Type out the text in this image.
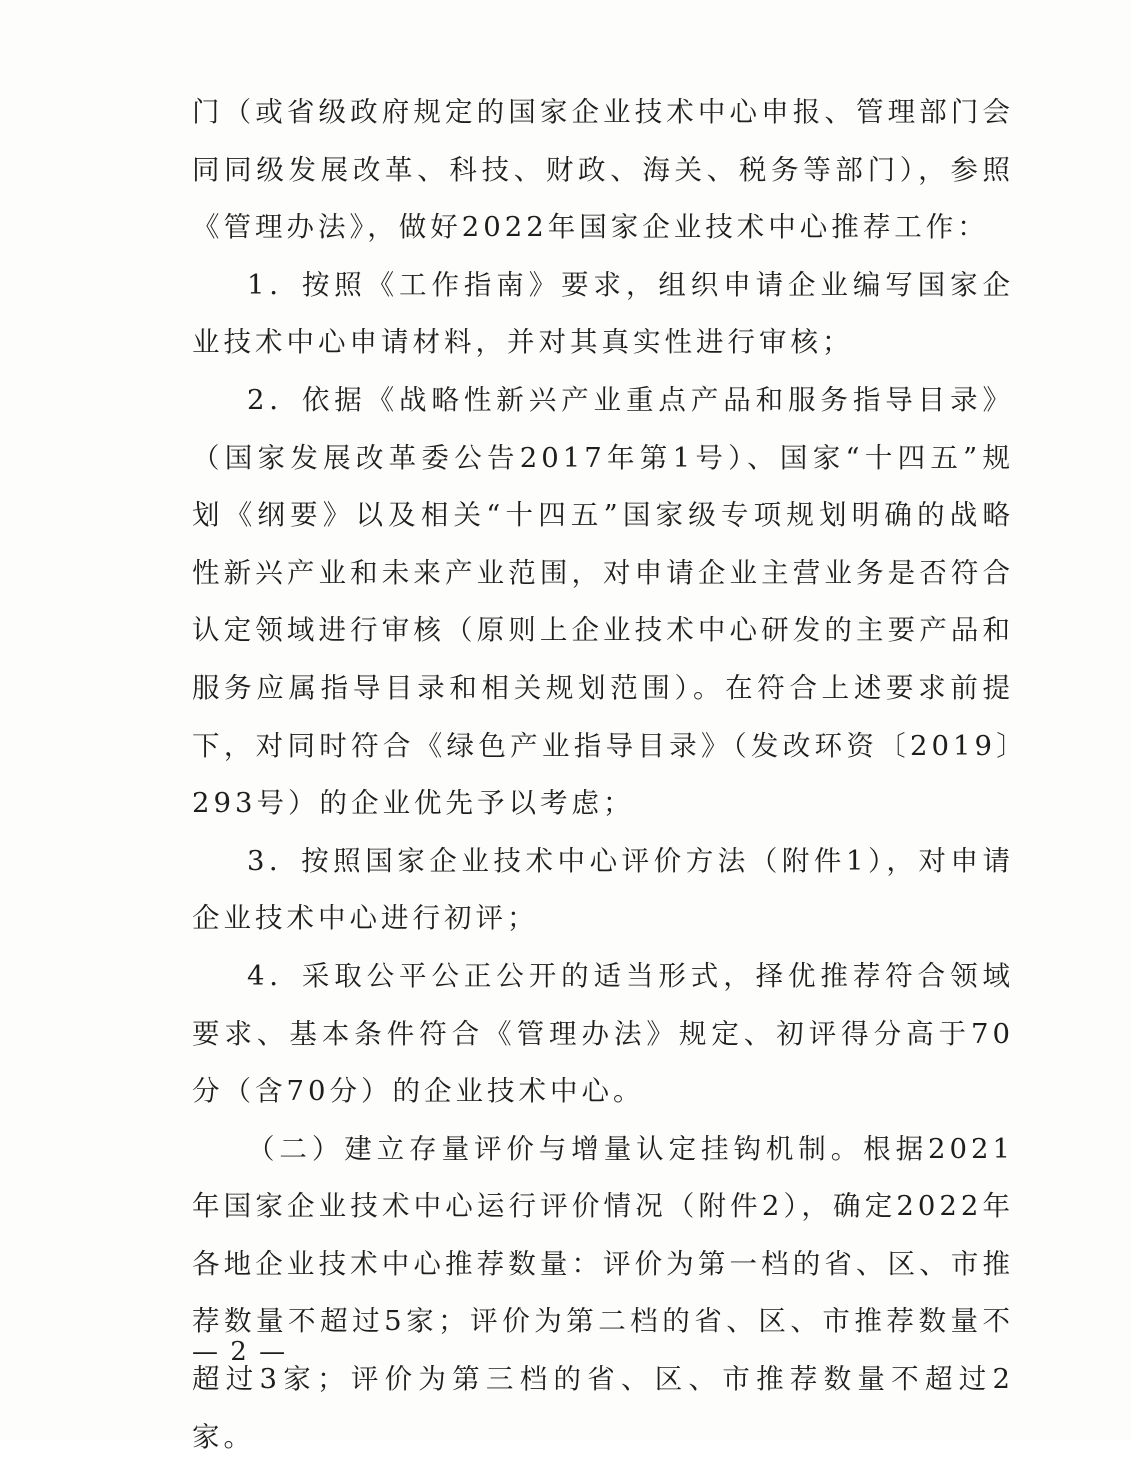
门（或省级政府规定的国家企业技术中心申报、管理部门会同同级发展改革、科技、财政、海关、税务等部门），参照《管理办法》，做好2022年国家企业技术中心推荐工作：

1．按照《工作指南》要求，组织申请企业编写国家企业技术中心申请材料，并对其真实性进行审核；

2．依据《战略性新兴产业重点产品和服务指导目录》（国家发展改革委公告2017年第1号）、国家“十四五”规划《纲要》以及相关“十四五”国家级专项规划明确的战略性新兴产业和未来产业范围，对申请企业主营业务是否符合认定领域进行审核（原则上企业技术中心研发的主要产品和服务应属指导目录和相关规划范围）。在符合上述要求前提下，对同时符合《绿色产业指导目录》（发改环资〔2019〕293号）的企业优先予以考虑；

3．按照国家企业技术中心评价方法（附件1），对申请企业技术中心进行初评；

4．采取公平公正公开的适当形式，择优推荐符合领域要求、基本条件符合《管理办法》规定、初评得分高于70分（含70分）的企业技术中心。

（二）建立存量评价与增量认定挂钩机制。根据2021年国家企业技术中心运行评价情况（附件2），确定2022年各地企业技术中心推荐数量：评价为第一档的省、区、市推荐数量不超过5家；评价为第二档的省、区、市推荐数量不超过3家；评价为第三档的省、区、市推荐数量不超过2家。

— 2 —
